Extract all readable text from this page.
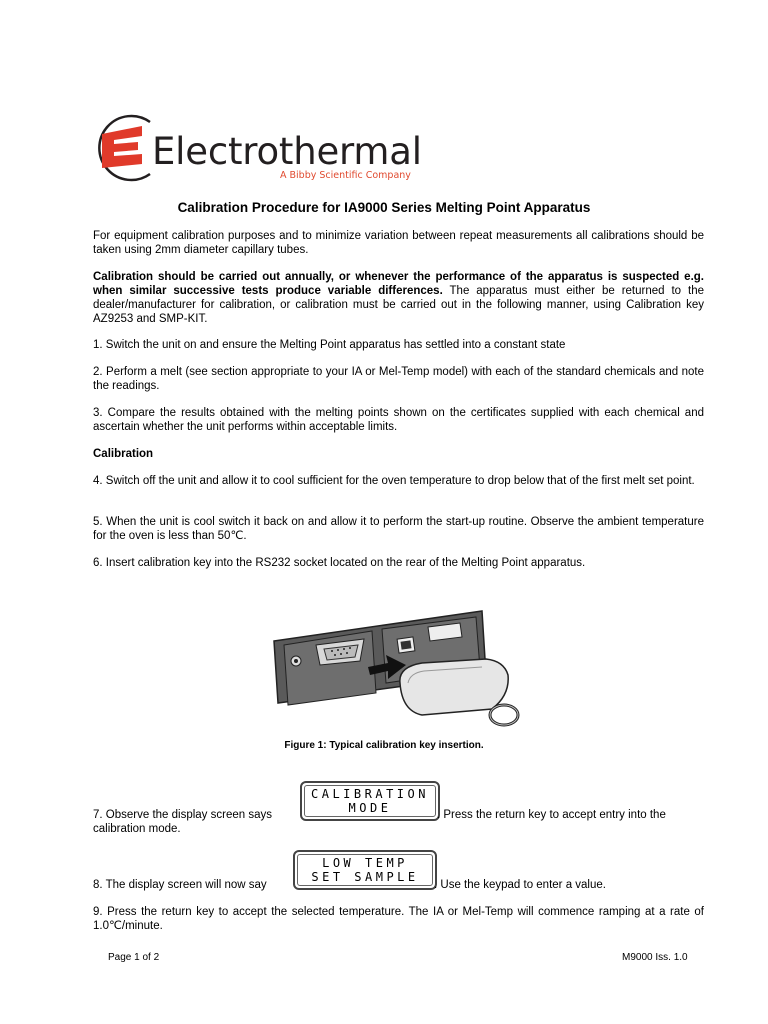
Electrothermal
A Bibby Scientific Company
Calibration Procedure for IA9000 Series Melting Point Apparatus

For equipment calibration purposes and to minimize variation between repeat measurements all calibrations should be taken using 2mm diameter capillary tubes.

Calibration should be carried out annually, or whenever the performance of the apparatus is suspected e.g. when similar successive tests produce variable differences. The apparatus must either be returned to the dealer/manufacturer for calibration, or calibration must be carried out in the following manner, using Calibration key AZ9253 and SMP-KIT.

1. Switch the unit on and ensure the Melting Point apparatus has settled into a constant state

2. Perform a melt (see section appropriate to your IA or Mel-Temp model) with each of the standard chemicals and note the readings.

3. Compare the results obtained with the melting points shown on the certificates supplied with each chemical and ascertain whether the unit performs within acceptable limits.

Calibration

4. Switch off the unit and allow it to cool sufficient for the oven temperature to drop below that of the first melt set point.

5. When the unit is cool switch it back on and allow it to perform the start-up routine. Observe the ambient temperature for the oven is less than 50℃.

6. Insert calibration key into the RS232 socket located on the rear of the Melting Point apparatus.

Figure 1: Typical calibration key insertion.
CALIBRATION
MODE
7. Observe the display screen says	. Press the return key to accept entry into the
calibration mode.
LOW TEMP
SET SAMPLE
8. The display screen will now say	. Use the keypad to enter a value.

9. Press the return key to accept the selected temperature. The IA or Mel-Temp will commence ramping at a rate of 1.0℃/minute.

Page 1 of 2	M9000 Iss. 1.0
